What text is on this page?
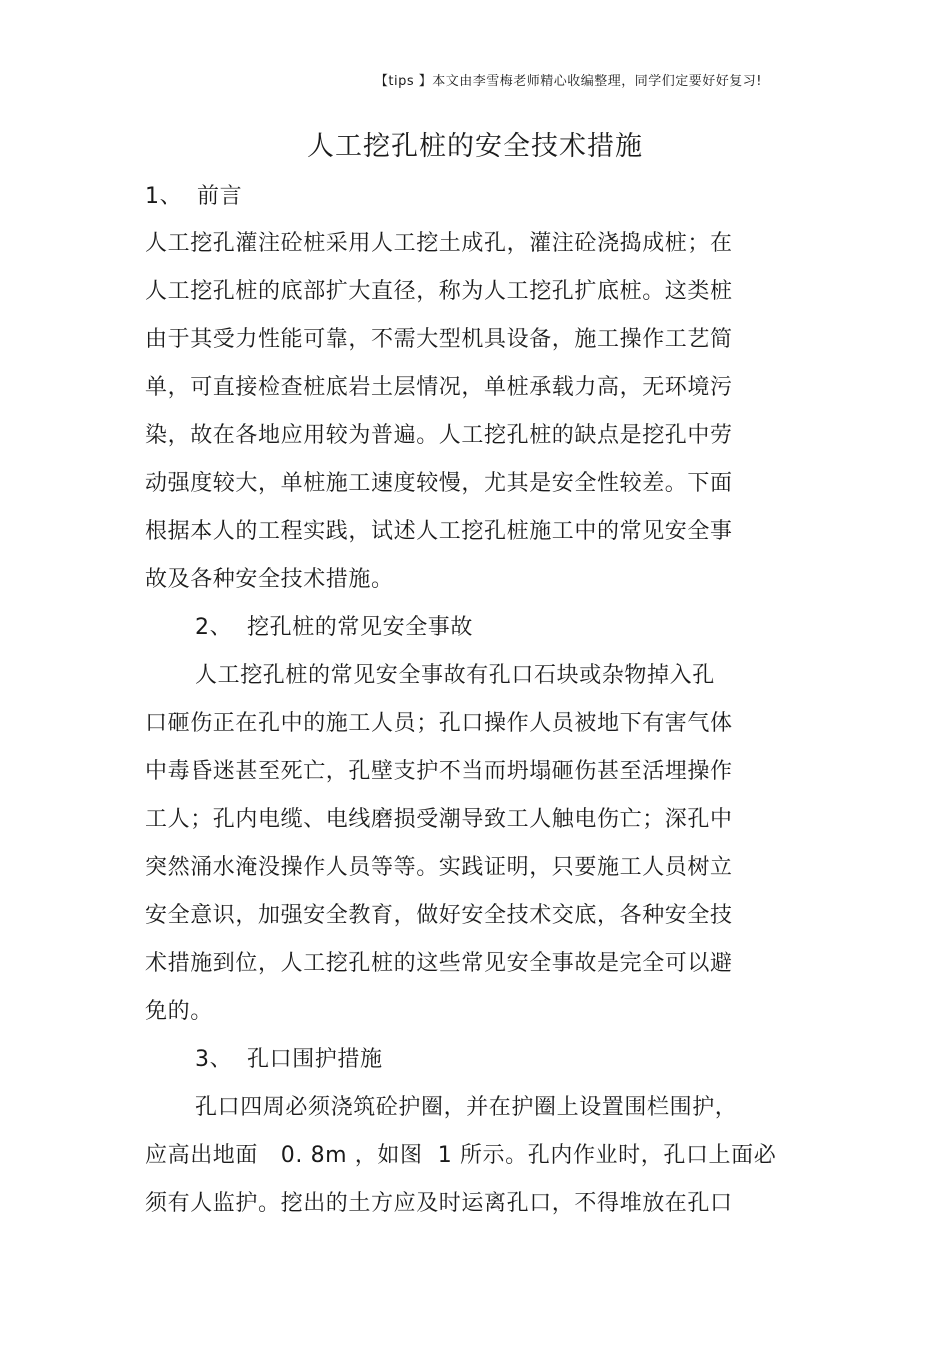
【tips 】本文由李雪梅老师精心收编整理，同学们定要好好复习!
人工挖孔桩的安全技术措施
1、 前言
人工挖孔灌注砼桩采用人工挖土成孔，灌注砼浇捣成桩；在
人工挖孔桩的底部扩大直径，称为人工挖孔扩底桩。这类桩
由于其受力性能可靠，不需大型机具设备，施工操作工艺简
单，可直接检查桩底岩土层情况，单桩承载力高，无环境污
染，故在各地应用较为普遍。人工挖孔桩的缺点是挖孔中劳
动强度较大，单桩施工速度较慢，尤其是安全性较差。下面
根据本人的工程实践，试述人工挖孔桩施工中的常见安全事
故及各种安全技术措施。
2、 挖孔桩的常见安全事故
人工挖孔桩的常见安全事故有孔口石块或杂物掉入孔
口砸伤正在孔中的施工人员；孔口操作人员被地下有害气体
中毒昏迷甚至死亡，孔壁支护不当而坍塌砸伤甚至活埋操作
工人；孔内电缆、电线磨损受潮导致工人触电伤亡；深孔中
突然涌水淹没操作人员等等。实践证明，只要施工人员树立
安全意识，加强安全教育，做好安全技术交底，各种安全技
术措施到位，人工挖孔桩的这些常见安全事故是完全可以避
免的。
3、 孔口围护措施
孔口四周必须浇筑砼护圈，并在护圈上设置围栏围护，
应高出地面   0. 8m ，如图  1 所示。孔内作业时，孔口上面必
须有人监护。挖出的土方应及时运离孔口，不得堆放在孔口
